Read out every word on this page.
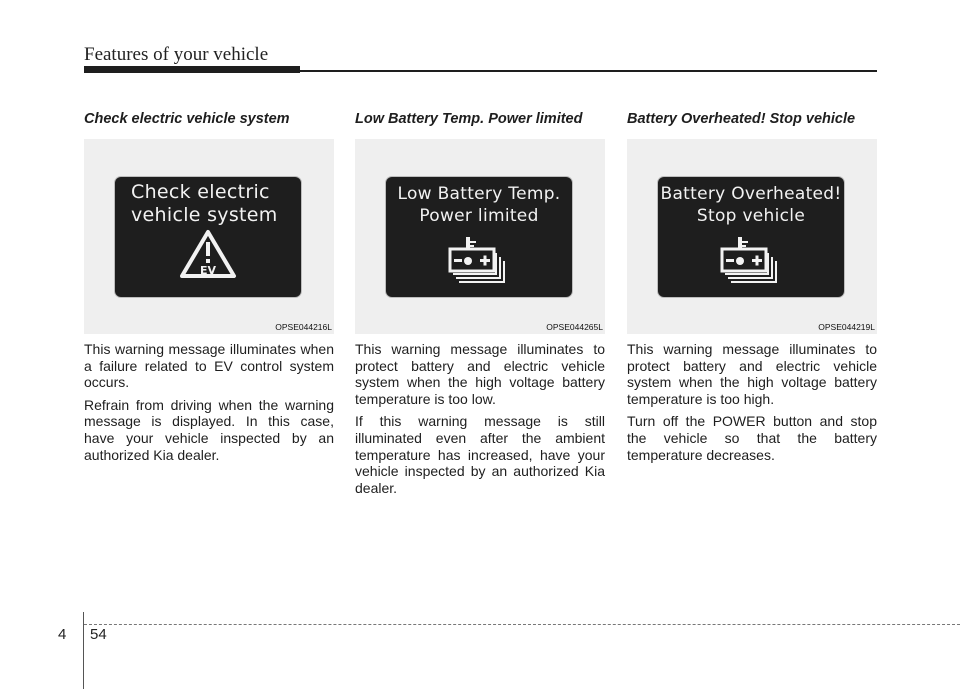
Features of your vehicle
Check electric vehicle system
Check electric
vehicle system
EV
OPSE044216L

This warning message illuminates when a failure related to EV control system occurs.

Refrain from driving when the warning message is displayed. In this case, have your vehicle inspected by an authorized Kia dealer.

Low Battery Temp. Power limited
Low Battery Temp.
Power limited
OPSE044265L

This warning message illuminates to protect battery and electric vehicle system when the high voltage battery temperature is too low.

If this warning message is still illuminated even after the ambient temperature has increased, have your vehicle inspected by an authorized Kia dealer.

Battery Overheated! Stop vehicle
Battery Overheated!
Stop vehicle
OPSE044219L

This warning message illuminates to protect battery and electric vehicle system when the high voltage battery temperature is too high.

Turn off the POWER button and stop the vehicle so that the battery temperature decreases.

4 54
